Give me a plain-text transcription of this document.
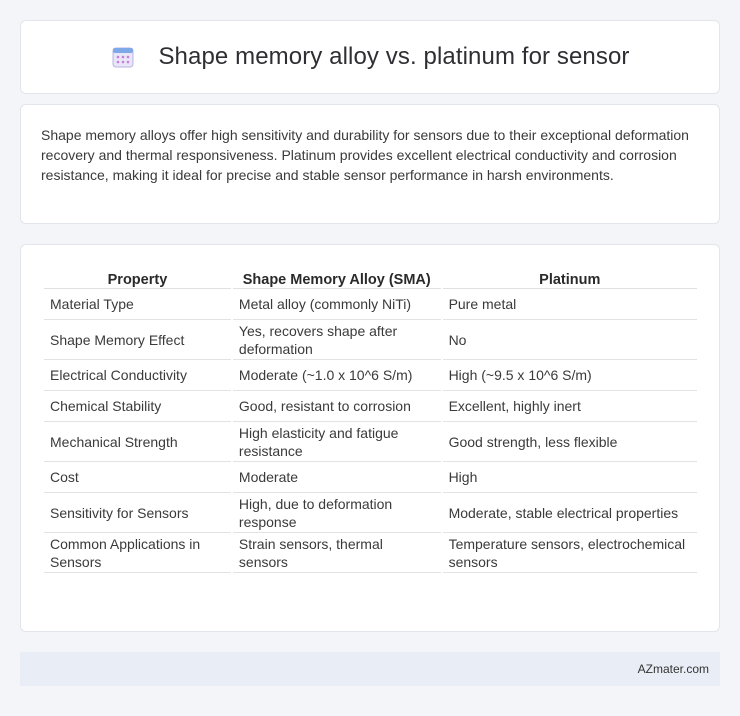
Shape memory alloy vs. platinum for sensor

Shape memory alloys offer high sensitivity and durability for sensors due to their exceptional deformation recovery and thermal responsiveness. Platinum provides excellent electrical conductivity and corrosion resistance, making it ideal for precise and stable sensor performance in harsh environments.

Property	Shape Memory Alloy (SMA)	Platinum
Material Type	Metal alloy (commonly NiTi)	Pure metal
Shape Memory Effect	Yes, recovers shape after deformation	No
Electrical Conductivity	Moderate (~1.0 x 10^6 S/m)	High (~9.5 x 10^6 S/m)
Chemical Stability	Good, resistant to corrosion	Excellent, highly inert
Mechanical Strength	High elasticity and fatigue resistance	Good strength, less flexible
Cost	Moderate	High
Sensitivity for Sensors	High, due to deformation response	Moderate, stable electrical properties
Common Applications in Sensors	Strain sensors, thermal sensors	Temperature sensors, electrochemical sensors
AZmater.com
